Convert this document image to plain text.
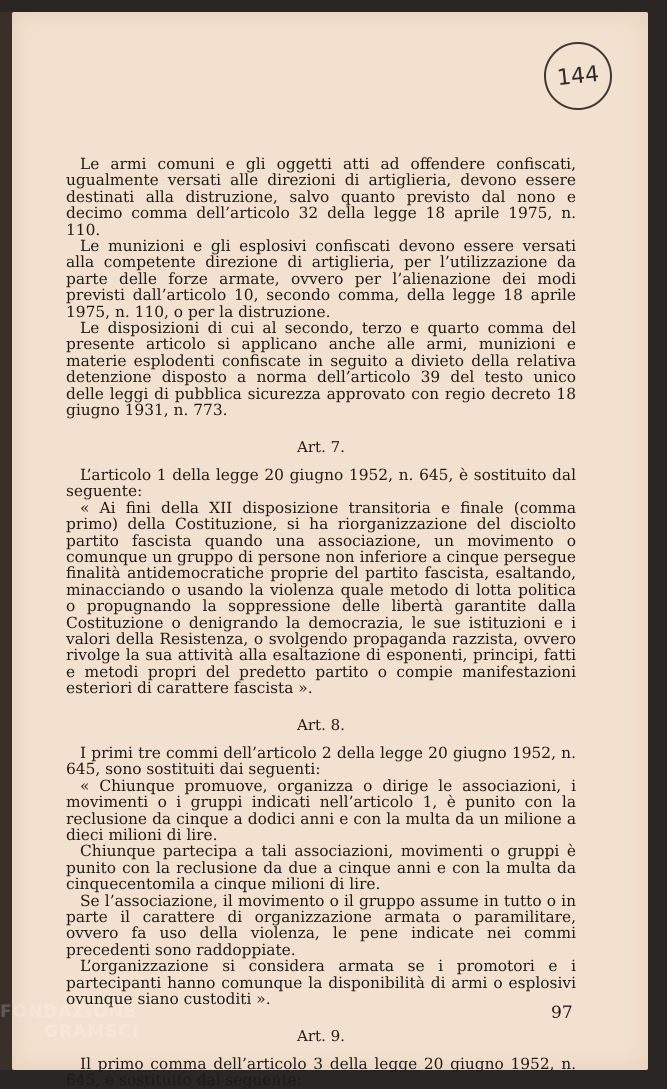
144

Le armi comuni e gli oggetti atti ad offendere confiscati, ugualmente versati alle direzioni di artiglieria, devono essere destinati alla distruzione, salvo quanto previsto dal nono e decimo comma dell’articolo 32 della legge 18 aprile 1975, n. 110.

Le munizioni e gli esplosivi confiscati devono essere versati alla competente direzione di artiglieria, per l’utilizzazione da parte delle forze armate, ovvero per l’alienazione dei modi previsti dall’articolo 10, secondo comma, della legge 18 aprile 1975, n. 110, o per la distruzione.

Le disposizioni di cui al secondo, terzo e quarto comma del presente articolo si applicano anche alle armi, munizioni e materie esplodenti confiscate in seguito a divieto della relativa detenzione disposto a norma dell’articolo 39 del testo unico delle leggi di pubblica sicurezza approvato con regio decreto 18 giugno 1931, n. 773.

Art. 7.

L’articolo 1 della legge 20 giugno 1952, n. 645, è sostituito dal seguente:

« Ai fini della XII disposizione transitoria e finale (comma primo) della Costituzione, si ha riorganizzazione del disciolto partito fascista quando una associazione, un movimento o comunque un gruppo di persone non inferiore a cinque persegue finalità antidemocratiche proprie del partito fascista, esaltando, minacciando o usando la violenza quale metodo di lotta politica o propugnando la soppressione delle libertà garantite dalla Costituzione o denigrando la democrazia, le sue istituzioni e i valori della Resistenza, o svolgendo propaganda razzista, ovvero rivolge la sua attività alla esaltazione di esponenti, principi, fatti e metodi propri del predetto partito o compie manifestazioni esteriori di carattere fascista ».

Art. 8.

I primi tre commi dell’articolo 2 della legge 20 giugno 1952, n. 645, sono sostituiti dai seguenti:

« Chiunque promuove, organizza o dirige le associazioni, i movimenti o i gruppi indicati nell’articolo 1, è punito con la reclusione da cinque a dodici anni e con la multa da un milione a dieci milioni di lire.

Chiunque partecipa a tali associazioni, movimenti o gruppi è punito con la reclusione da due a cinque anni e con la multa da cinquecentomila a cinque milioni di lire.

Se l’associazione, il movimento o il gruppo assume in tutto o in parte il carattere di organizzazione armata o paramilitare, ovvero fa uso della violenza, le pene indicate nei commi precedenti sono raddoppiate.

L’organizzazione si considera armata se i promotori e i partecipanti hanno comunque la disponibilità di armi o esplosivi ovunque siano custoditi ».

Art. 9.

Il primo comma dell’articolo 3 della legge 20 giugno 1952, n. 645, è sostituito dal seguente:

97
FONDAZIONE
GRAMSCI
